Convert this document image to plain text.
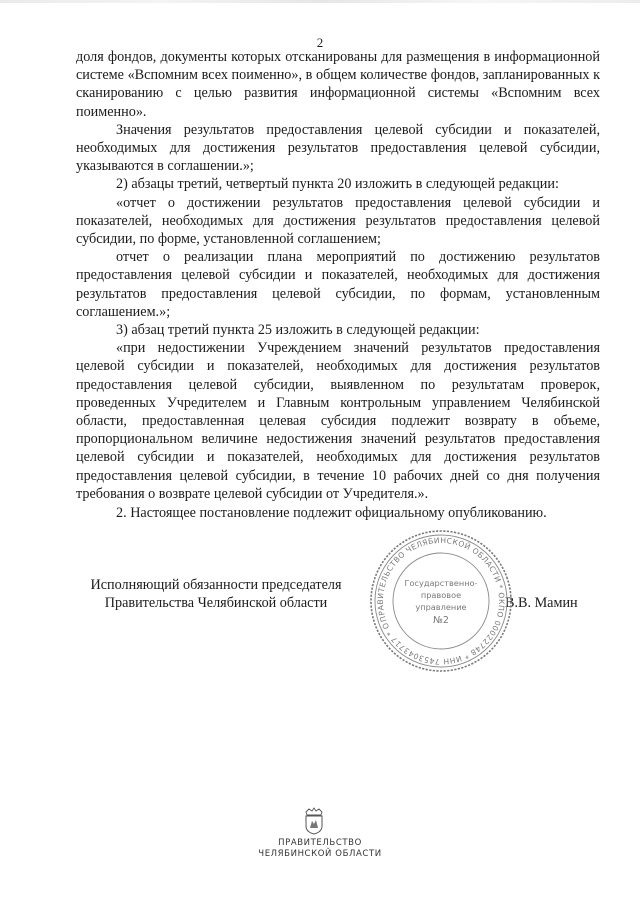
2

доля фондов, документы которых отсканированы для размещения в информационной системе «Вспомним всех поименно», в общем количестве фондов, запланированных к сканированию с целью развития информационной системы «Вспомним всех поименно».

Значения результатов предоставления целевой субсидии и показателей, необходимых для достижения результатов предоставления целевой субсидии, указываются в соглашении.»;

2) абзацы третий, четвертый пункта 20 изложить в следующей редакции:

«отчет о достижении результатов предоставления целевой субсидии и показателей, необходимых для достижения результатов предоставления целевой субсидии, по форме, установленной соглашением;

отчет о реализации плана мероприятий по достижению результатов предоставления целевой субсидии и показателей, необходимых для достижения результатов предоставления целевой субсидии, по формам, установленным соглашением.»;

3) абзац третий пункта 25 изложить в следующей редакции:

«при недостижении Учреждением значений результатов предоставления целевой субсидии и показателей, необходимых для достижения результатов предоставления целевой субсидии, выявленном по результатам проверок, проведенных Учредителем и Главным контрольным управлением Челябинской области, предоставленная целевая субсидия подлежит возврату в объеме, пропорциональном величине недостижения значений результатов предоставления целевой субсидии и показателей, необходимых для достижения результатов предоставления целевой субсидии, в течение 10 рабочих дней со дня получения требования о возврате целевой субсидии от Учредителя.».

2. Настоящее постановление подлежит официальному опубликованию.

Исполняющий обязанности председателя
Правительства Челябинской области	В.В. Мамин
ПРАВИТЕЛЬСТВО ЧЕЛЯБИНСКОЙ ОБЛАСТИ * ОКПО 00022748 * ИНН 7453043717 * ОГРН
Государственно-
правовое
управление
№2
ПРАВИТЕЛЬСТВО
ЧЕЛЯБИНСКОЙ ОБЛАСТИ
